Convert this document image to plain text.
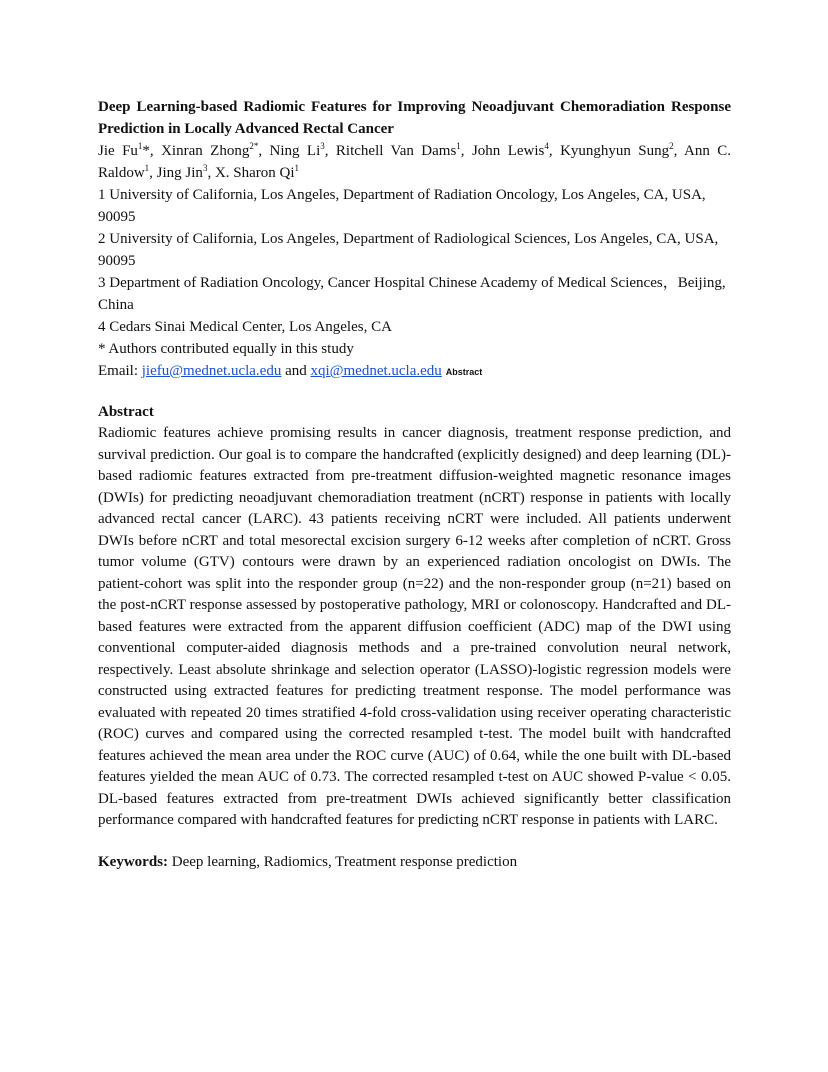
Deep Learning-based Radiomic Features for Improving Neoadjuvant Chemoradiation Response Prediction in Locally Advanced Rectal Cancer

Jie Fu$^1$*, Xinran Zhong$^{2*}$, Ning Li$^3$, Ritchell Van Dams$^1$, John Lewis$^4$, Kyunghyun Sung$^2$, Ann C. Raldow$^1$, Jing Jin$^3$, X. Sharon Qi$^1$

1 University of California, Los Angeles, Department of Radiation Oncology, Los Angeles, CA, USA, 90095

2 University of California, Los Angeles, Department of Radiological Sciences, Los Angeles, CA, USA, 90095

3 Department of Radiation Oncology, Cancer Hospital Chinese Academy of Medical Sciences，Beijing, China

4 Cedars Sinai Medical Center, Los Angeles, CA

* Authors contributed equally in this study

Email: jiefu@mednet.ucla.edu and xqi@mednet.ucla.edu Abstract

Abstract

Radiomic features achieve promising results in cancer diagnosis, treatment response prediction, and survival prediction. Our goal is to compare the handcrafted (explicitly designed) and deep learning (DL)-based radiomic features extracted from pre-treatment diffusion-weighted magnetic resonance images (DWIs) for predicting neoadjuvant chemoradiation treatment (nCRT) response in patients with locally advanced rectal cancer (LARC). 43 patients receiving nCRT were included. All patients underwent DWIs before nCRT and total mesorectal excision surgery 6-12 weeks after completion of nCRT. Gross tumor volume (GTV) contours were drawn by an experienced radiation oncologist on DWIs. The patient-cohort was split into the responder group (n=22) and the non-responder group (n=21) based on the post-nCRT response assessed by postoperative pathology, MRI or colonoscopy. Handcrafted and DL-based features were extracted from the apparent diffusion coefficient (ADC) map of the DWI using conventional computer-aided diagnosis methods and a pre-trained convolution neural network, respectively. Least absolute shrinkage and selection operator (LASSO)-logistic regression models were constructed using extracted features for predicting treatment response. The model performance was evaluated with repeated 20 times stratified 4-fold cross-validation using receiver operating characteristic (ROC) curves and compared using the corrected resampled t-test. The model built with handcrafted features achieved the mean area under the ROC curve (AUC) of 0.64, while the one built with DL-based features yielded the mean AUC of 0.73. The corrected resampled t-test on AUC showed P-value < 0.05. DL-based features extracted from pre-treatment DWIs achieved significantly better classification performance compared with handcrafted features for predicting nCRT response in patients with LARC.

Keywords: Deep learning, Radiomics, Treatment response prediction
